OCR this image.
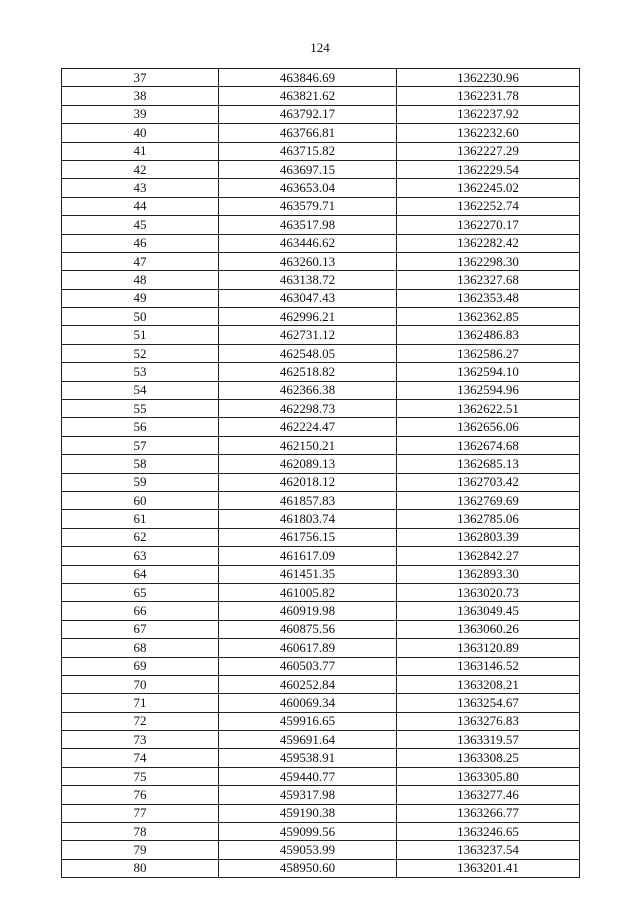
124
37	463846.69	1362230.96
38	463821.62	1362231.78
39	463792.17	1362237.92
40	463766.81	1362232.60
41	463715.82	1362227.29
42	463697.15	1362229.54
43	463653.04	1362245.02
44	463579.71	1362252.74
45	463517.98	1362270.17
46	463446.62	1362282.42
47	463260.13	1362298.30
48	463138.72	1362327.68
49	463047.43	1362353.48
50	462996.21	1362362.85
51	462731.12	1362486.83
52	462548.05	1362586.27
53	462518.82	1362594.10
54	462366.38	1362594.96
55	462298.73	1362622.51
56	462224.47	1362656.06
57	462150.21	1362674.68
58	462089.13	1362685.13
59	462018.12	1362703.42
60	461857.83	1362769.69
61	461803.74	1362785.06
62	461756.15	1362803.39
63	461617.09	1362842.27
64	461451.35	1362893.30
65	461005.82	1363020.73
66	460919.98	1363049.45
67	460875.56	1363060.26
68	460617.89	1363120.89
69	460503.77	1363146.52
70	460252.84	1363208.21
71	460069.34	1363254.67
72	459916.65	1363276.83
73	459691.64	1363319.57
74	459538.91	1363308.25
75	459440.77	1363305.80
76	459317.98	1363277.46
77	459190.38	1363266.77
78	459099.56	1363246.65
79	459053.99	1363237.54
80	458950.60	1363201.41
